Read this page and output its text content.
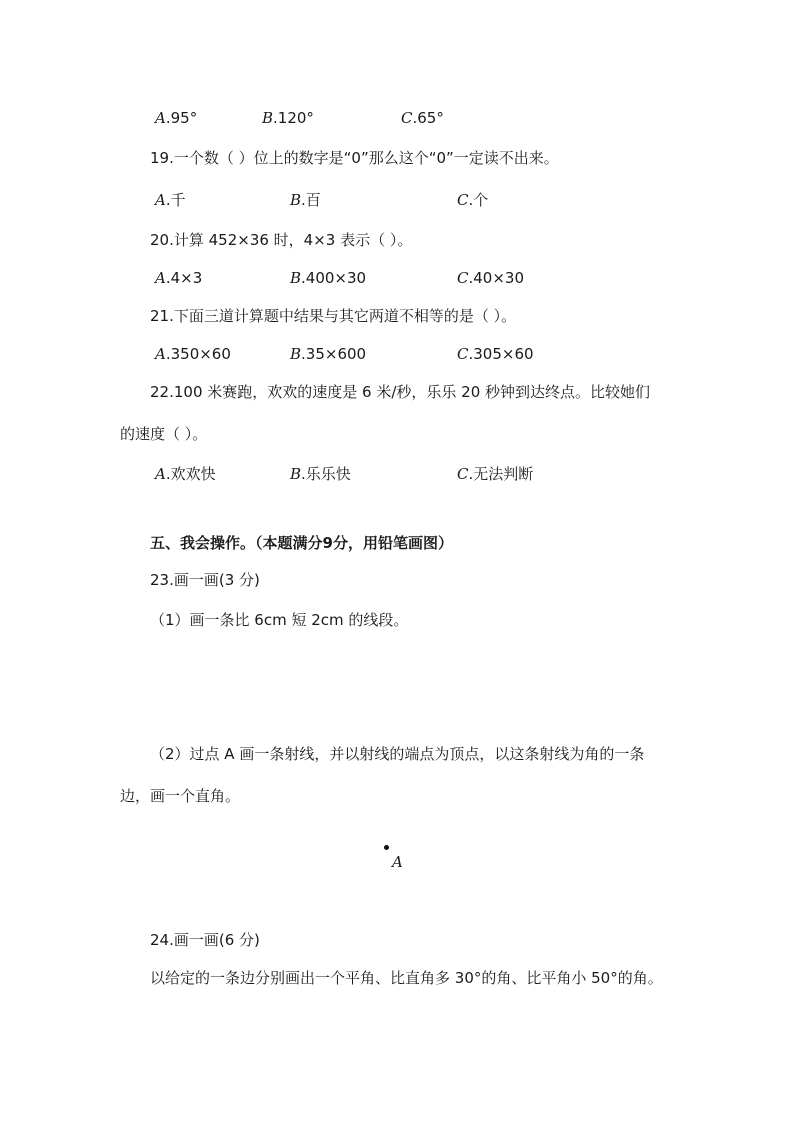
A.95°	B.120°	C.65°
19.一个数（ ）位上的数字是“0”那么这个“0”一定读不出来。
A.千	B.百	C.个
20.计算 452×36 时，4×3 表示（ ）。
A.4×3	B.400×30	C.40×30
21.下面三道计算题中结果与其它两道不相等的是（ ）。
A.350×60	B.35×600	C.305×60
22.100 米赛跑，欢欢的速度是 6 米/秒，乐乐 20 秒钟到达终点。比较她们
的速度（ ）。
A.欢欢快	B.乐乐快	C.无法判断
五、我会操作。（本题满分9分，用铅笔画图）
23.画一画(3 分)
（1）画一条比 6cm 短 2cm 的线段。
（2）过点 A 画一条射线，并以射线的端点为顶点，以这条射线为角的一条
边，画一个直角。
A
24.画一画(6 分)
以给定的一条边分别画出一个平角、比直角多 30°的角、比平角小 50°的角。
